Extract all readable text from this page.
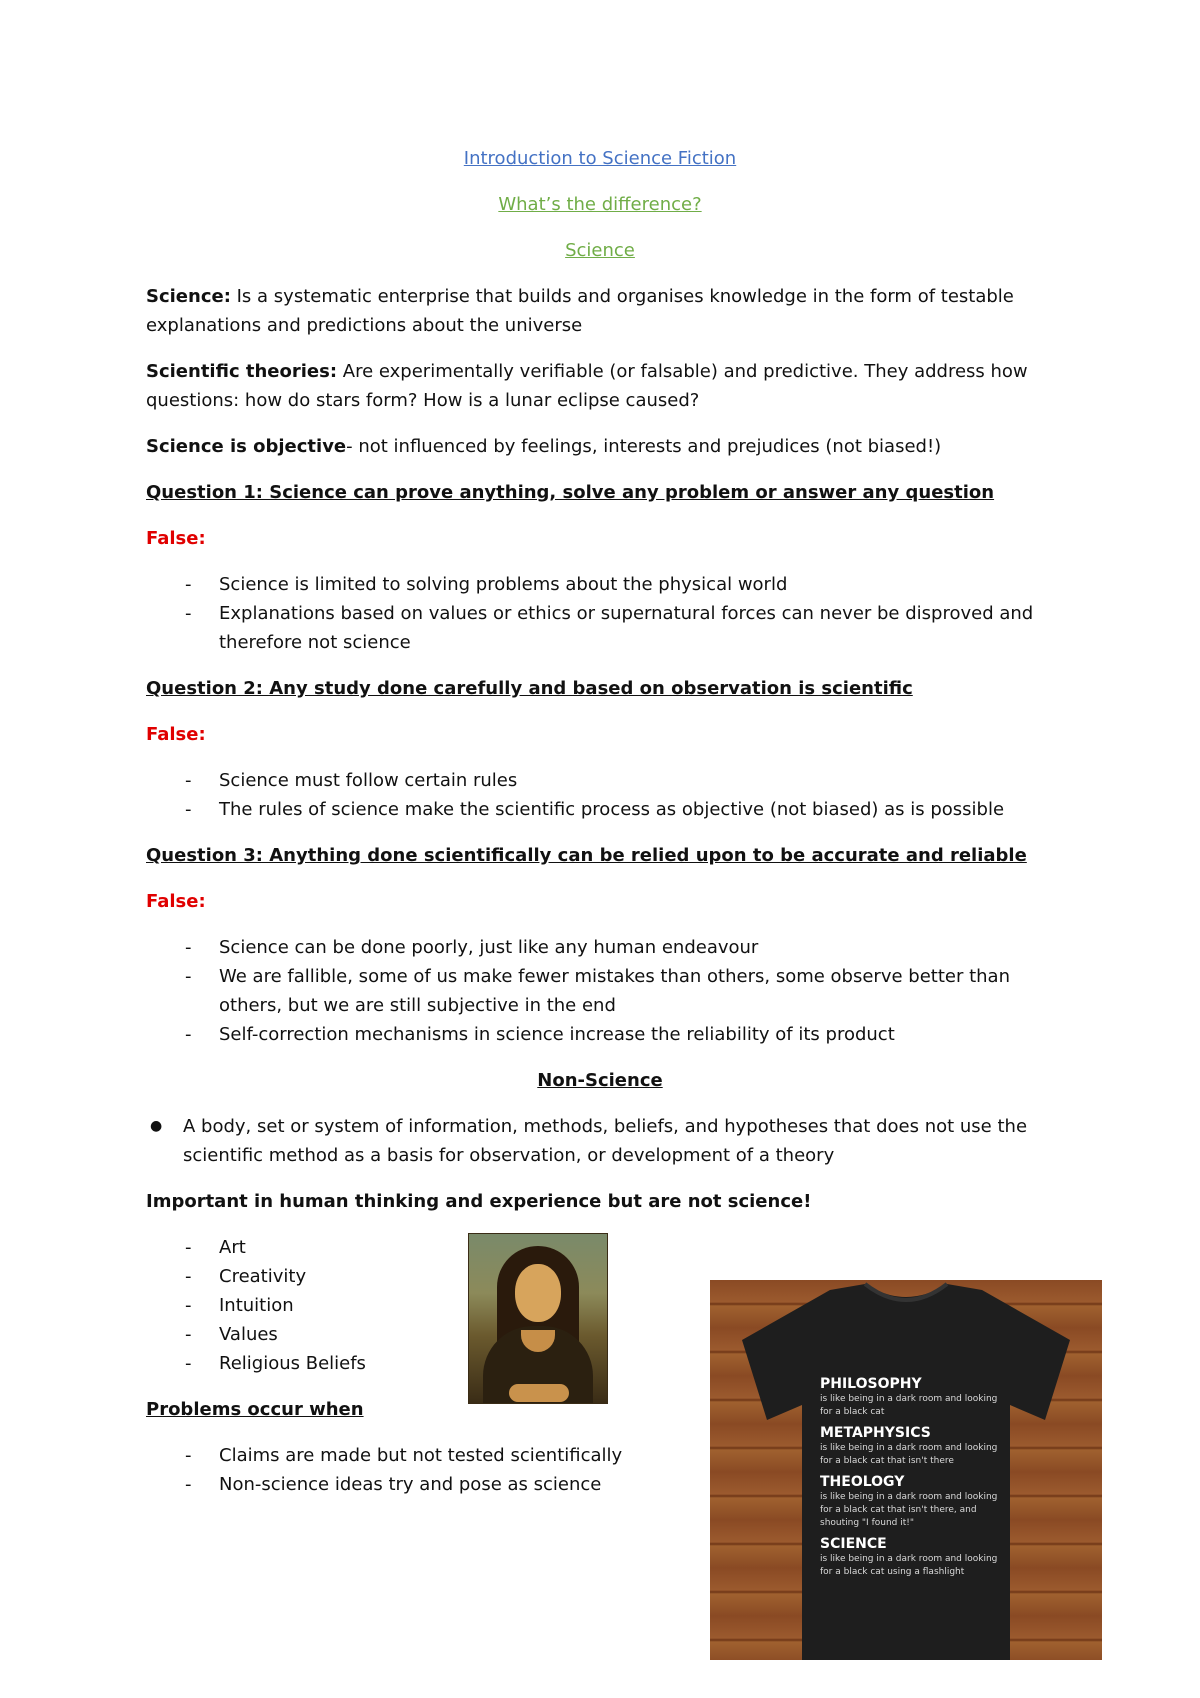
Introduction to Science Fiction
What’s the difference?
Science
Science: Is a systematic enterprise that builds and organises knowledge in the form of testable
explanations and predictions about the universe
Scientific theories: Are experimentally verifiable (or falsable) and predictive. They address how
questions: how do stars form? How is a lunar eclipse caused?
Science is objective- not influenced by feelings, interests and prejudices (not biased!)
Question 1: Science can prove anything, solve any problem or answer any question
False:
- Science is limited to solving problems about the physical world
- Explanations based on values or ethics or supernatural forces can never be disproved and
therefore not science
Question 2: Any study done carefully and based on observation is scientific
False:
- Science must follow certain rules
- The rules of science make the scientific process as objective (not biased) as is possible
Question 3: Anything done scientifically can be relied upon to be accurate and reliable
False:
- Science can be done poorly, just like any human endeavour
- We are fallible, some of us make fewer mistakes than others, some observe better than
others, but we are still subjective in the end
- Self-correction mechanisms in science increase the reliability of its product
Non-Science
● A body, set or system of information, methods, beliefs, and hypotheses that does not use the
scientific method as a basis for observation, or development of a theory
Important in human thinking and experience but are not science!
- Art
- Creativity
- Intuition
- Values
- Religious Beliefs
Problems occur when
- Claims are made but not tested scientifically
- Non-science ideas try and pose as science
PHILOSOPHY
is like being in a dark room and looking
for a black cat
METAPHYSICS
is like being in a dark room and looking
for a black cat that isn't there
THEOLOGY
is like being in a dark room and looking
for a black cat that isn't there, and
shouting "I found it!"
SCIENCE
is like being in a dark room and looking
for a black cat using a flashlight
